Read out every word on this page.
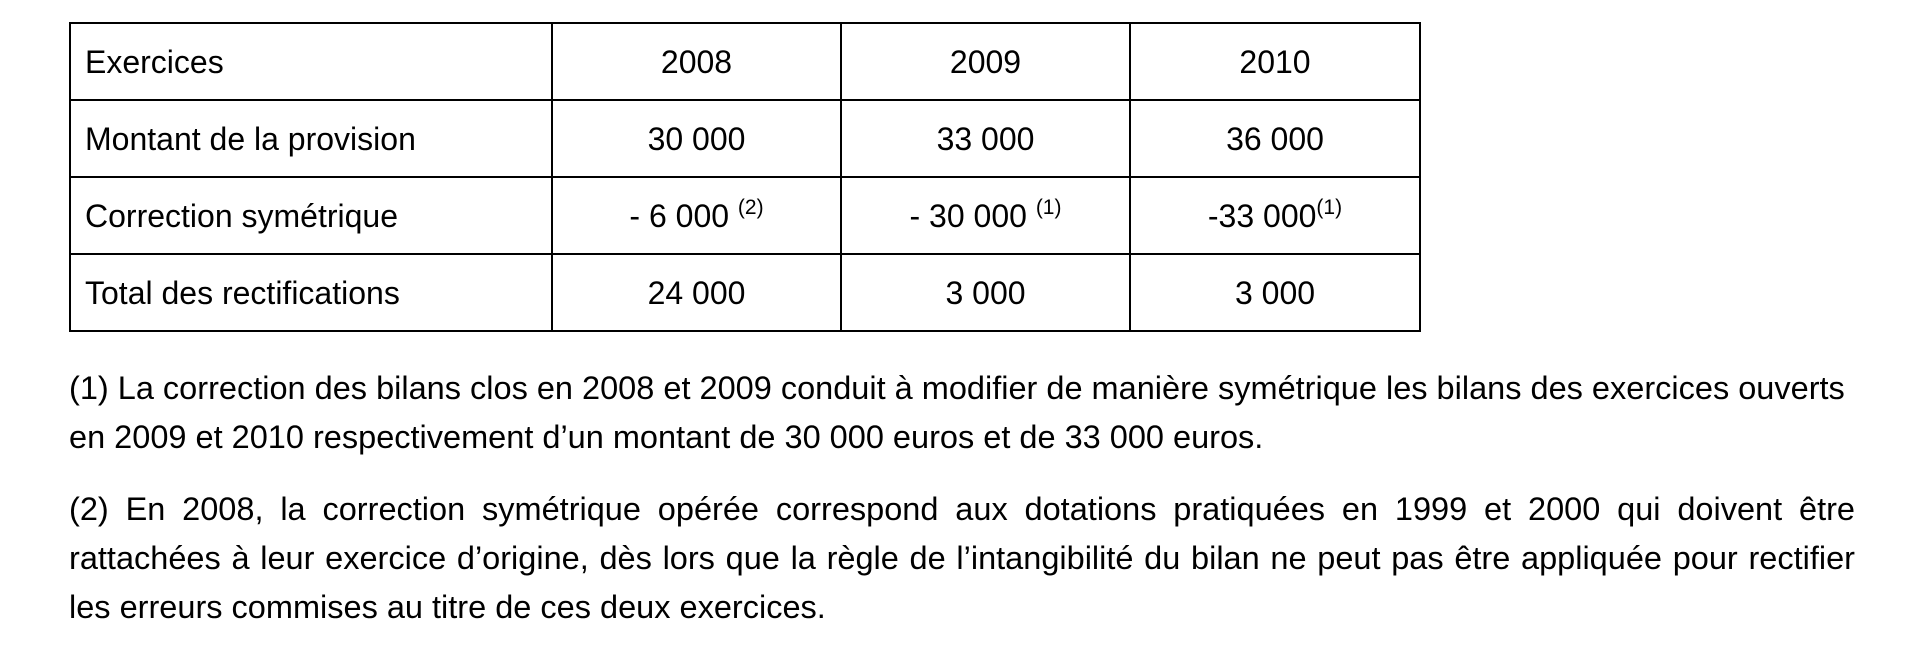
Exercices	2008	2009	2010
Montant de la provision	30 000	33 000	36 000
Correction symétrique	- 6 000 $^{(2)}$	- 30 000 $^{(1)}$	-33 000$^{(1)}$
Total des rectifications	24 000	3 000	3 000

(1) La correction des bilans clos en 2008 et 2009 conduit à modifier de manière symétrique les bilans des exercices ouverts en 2009 et 2010 respectivement d’un montant de 30 000 euros et de 33 000 euros.

(2) En 2008, la correction symétrique opérée correspond aux dotations pratiquées en 1999 et 2000 qui doivent être rattachées à leur exercice d’origine, dès lors que la règle de l’intangibilité du bilan ne peut pas être appliquée pour rectifier les erreurs commises au titre de ces deux exercices.
